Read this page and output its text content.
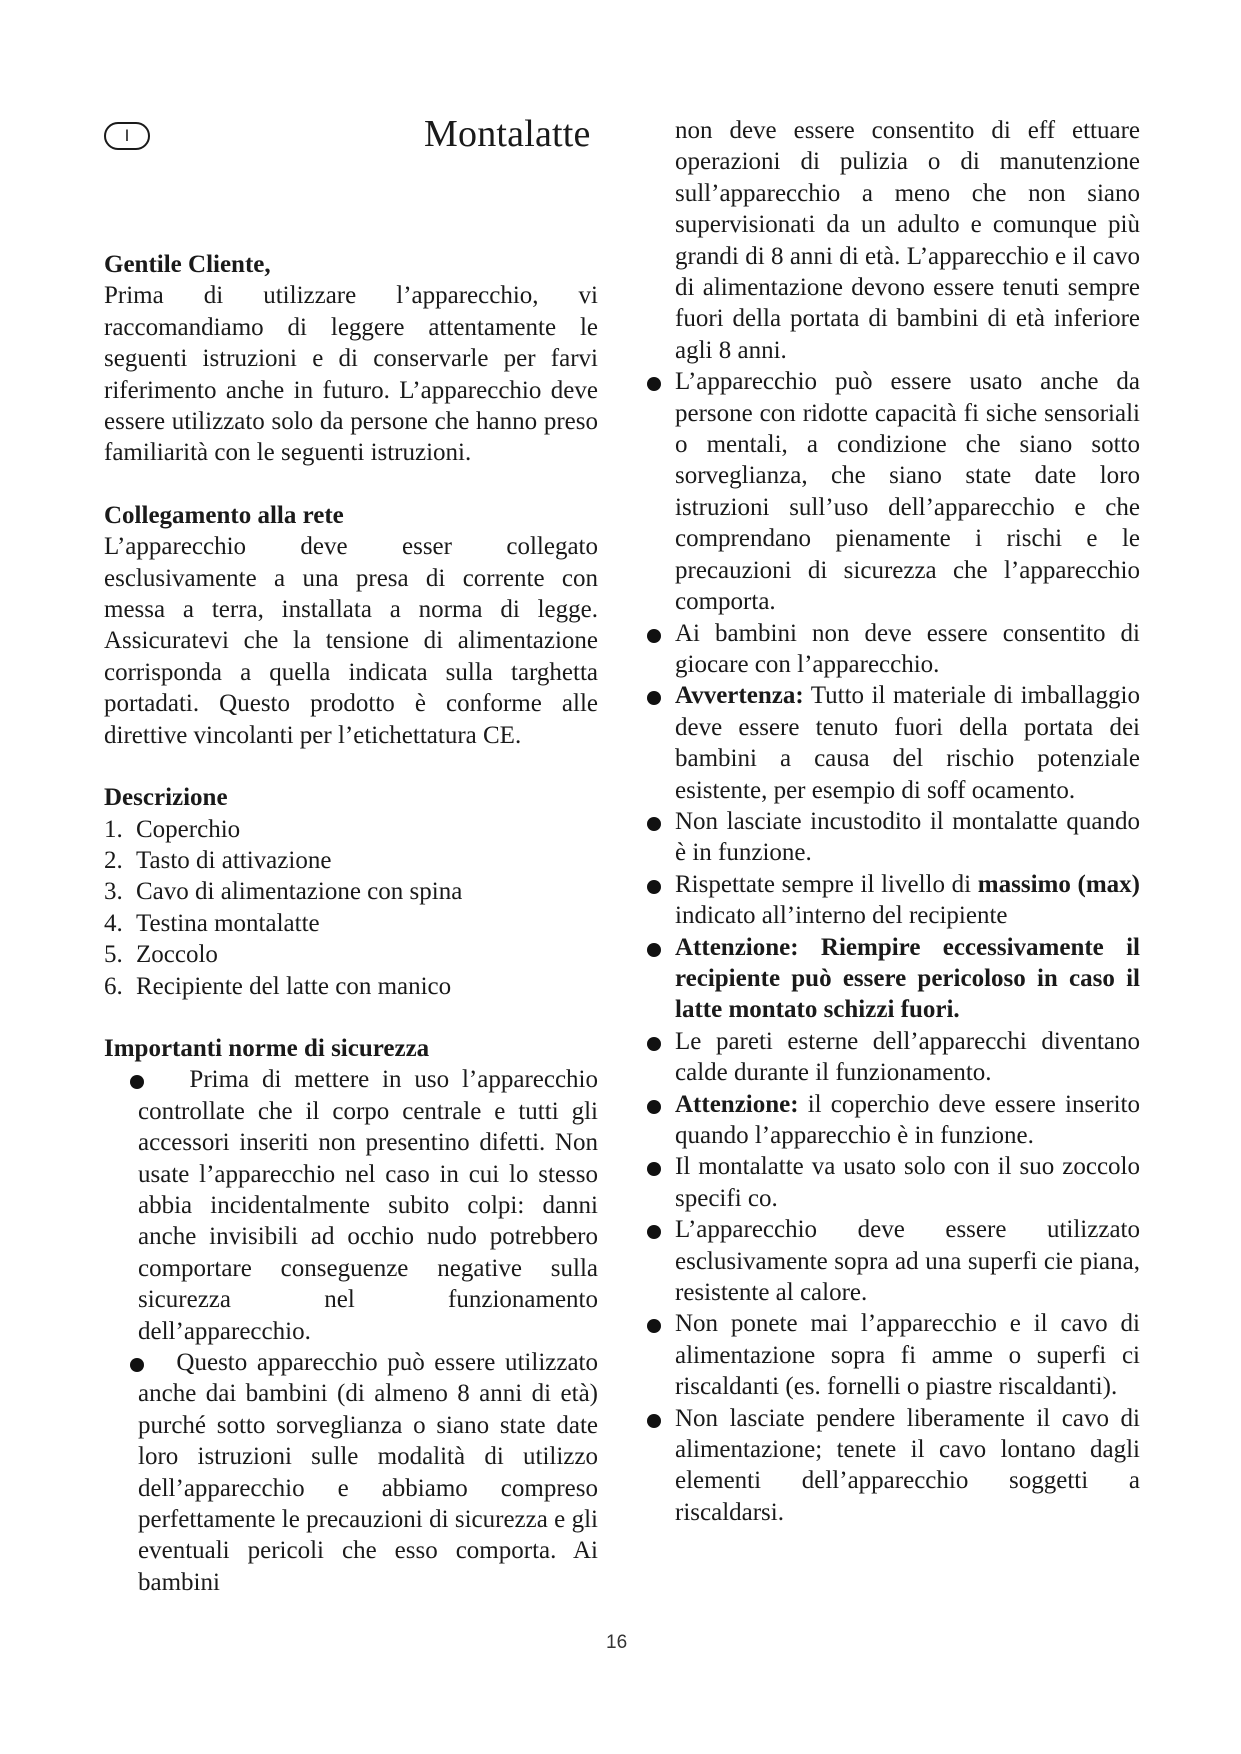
I	Montalatte
Gentile Cliente,

Prima di utilizzare l’apparecchio, vi raccomandiamo di leggere attentamente le seguenti istruzioni e di conservarle per farvi riferimento anche in futuro. L’apparecchio deve essere utilizzato solo da persone che hanno preso familiarità con le seguenti istruzioni.

Collegamento alla rete

L’apparecchio deve esser collegato esclusivamente a una presa di corrente con messa a terra, installata a norma di legge. Assicuratevi che la tensione di alimentazione corrisponda a quella indicata sulla targhetta portadati. Questo prodotto è conforme alle direttive vincolanti per l’etichettatura CE.

Descrizione
1. Coperchio
2. Tasto di attivazione
3. Cavo di alimentazione con spina
4. Testina montalatte
5. Zoccolo
6. Recipiente del latte con manico
Importanti norme di sicurezza
Prima di mettere in uso l’apparecchio controllate che il corpo centrale e tutti gli accessori inseriti non presentino difetti. Non usate l’apparecchio nel caso in cui lo stesso abbia incidentalmente subito colpi: danni anche invisibili ad occhio nudo potrebbero comportare conseguenze negative sulla sicurezza nel funzionamento dell’apparecchio.
Questo apparecchio può essere utilizzato anche dai bambini (di almeno 8 anni di età) purché sotto sorveglianza o siano state date loro istruzioni sulle modalità di utilizzo dell’apparecchio e abbiamo compreso perfettamente le precauzioni di sicurezza e gli eventuali pericoli che esso comporta. Ai bambini

non deve essere consentito di eff ettuare operazioni di pulizia o di manutenzione sull’apparecchio a meno che non siano supervisionati da un adulto e comunque più grandi di 8 anni di età. L’apparecchio e il cavo di alimentazione devono essere tenuti sempre fuori della portata di bambini di età inferiore agli 8 anni.

L’apparecchio può essere usato anche da persone con ridotte capacità fi siche sensoriali o mentali, a condizione che siano sotto sorveglianza, che siano state date loro istruzioni sull’uso dell’apparecchio e che comprendano pienamente i rischi e le precauzioni di sicurezza che l’apparecchio comporta.
Ai bambini non deve essere consentito di giocare con l’apparecchio.
Avvertenza: Tutto il materiale di imballaggio deve essere tenuto fuori della portata dei bambini a causa del rischio potenziale esistente, per esempio di soff ocamento.
Non lasciate incustodito il montalatte quando è in funzione.
Rispettate sempre il livello di massimo (max) indicato all’interno del recipiente
Attenzione: Riempire eccessivamente il recipiente può essere pericoloso in caso il latte montato schizzi fuori.
Le pareti esterne dell’apparecchi diventano calde durante il funzionamento.
Attenzione: il coperchio deve essere inserito quando l’apparecchio è in funzione.
Il montalatte va usato solo con il suo zoccolo specifi co.
L’apparecchio deve essere utilizzato esclusivamente sopra ad una superfi cie piana, resistente al calore.
Non ponete mai l’apparecchio e il cavo di alimentazione sopra fi amme o superfi ci riscaldanti (es. fornelli o piastre riscaldanti).
Non lasciate pendere liberamente il cavo di alimentazione; tenete il cavo lontano dagli elementi dell’apparecchio soggetti a riscaldarsi.
16
